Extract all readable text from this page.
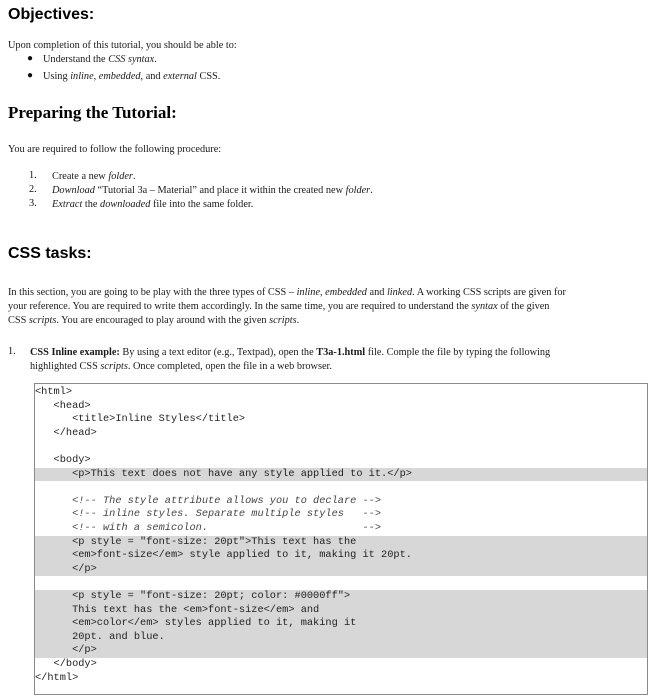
Objectives:

Upon completion of this tutorial, you should be able to:

● Understand the CSS syntax.

● Using inline, embedded, and external CSS.

Preparing the Tutorial:

You are required to follow the following procedure:

1. Create a new folder.

2. Download “Tutorial 3a – Material” and place it within the created new folder.

3. Extract the downloaded file into the same folder.

CSS tasks:

In this section, you are going to be play with the three types of CSS – inline, embedded and linked. A working CSS scripts are given for

your reference. You are required to write them accordingly. In the same time, you are required to understand the syntax of the given

CSS scripts. You are encouraged to play around with the given scripts.

1. CSS Inline example: By using a text editor (e.g., Textpad), open the T3a-1.html file. Comple the file by typing the following

highlighted CSS scripts. Once completed, open the file in a web browser.

<html>
<head>
<title>Inline Styles</title>
</head>
<body>
<p>This text does not have any style applied to it.</p>
<!-- The style attribute allows you to declare -->
<!-- inline styles. Separate multiple styles   -->
<!-- with a semicolon.                         -->
<p style = "font-size: 20pt">This text has the
<em>font-size</em> style applied to it, making it 20pt.
</p>
<p style = "font-size: 20pt; color: #0000ff">
This text has the <em>font-size</em> and
<em>color</em> styles applied to it, making it
20pt. and blue.
</p>
</body>
</html>
